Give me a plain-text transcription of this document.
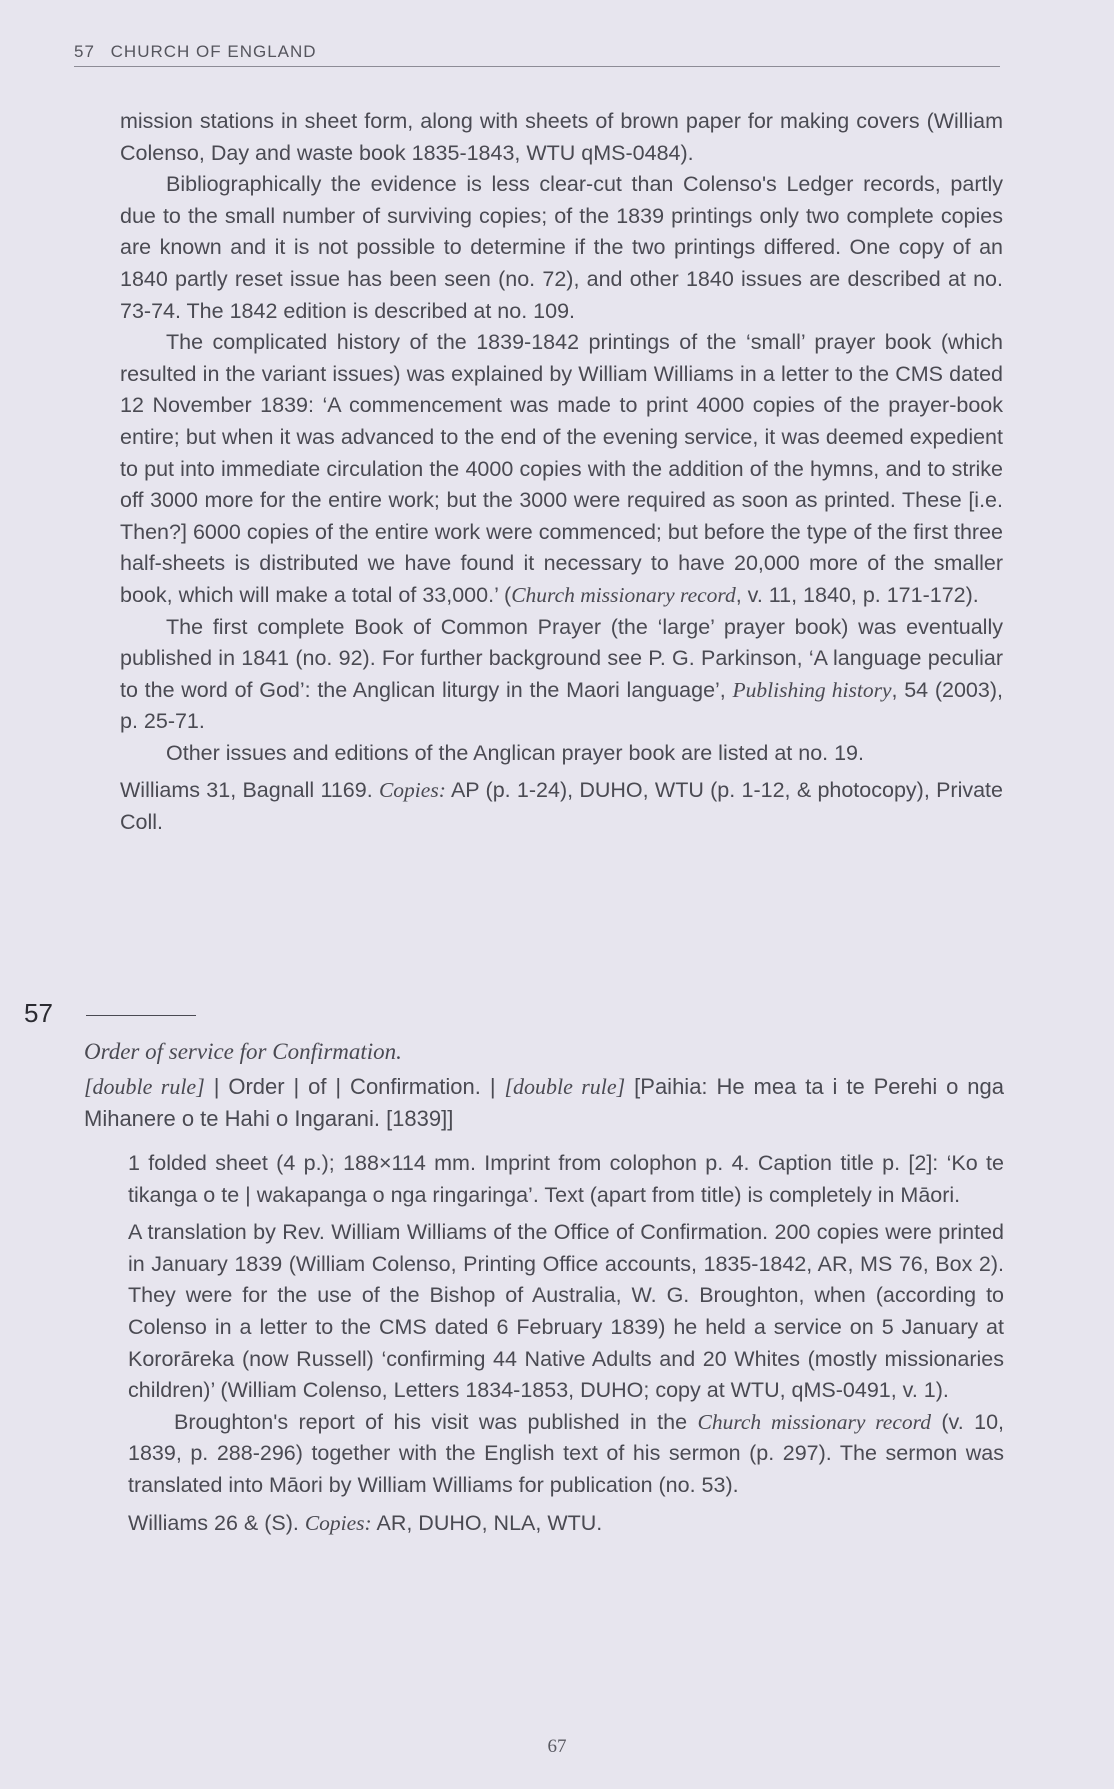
57 CHURCH OF ENGLAND

mission stations in sheet form, along with sheets of brown paper for making covers (William Colenso, Day and waste book 1835-1843, WTU qMS-0484).

Bibliographically the evidence is less clear-cut than Colenso's Ledger records, partly due to the small number of surviving copies; of the 1839 printings only two complete copies are known and it is not possible to determine if the two printings differed. One copy of an 1840 partly reset issue has been seen (no. 72), and other 1840 issues are described at no. 73-74. The 1842 edition is described at no. 109.

The complicated history of the 1839-1842 printings of the ‘small’ prayer book (which resulted in the variant issues) was explained by William Williams in a letter to the CMS dated 12 November 1839: ‘A commencement was made to print 4000 copies of the prayer-book entire; but when it was advanced to the end of the evening service, it was deemed expedient to put into immediate circulation the 4000 copies with the addition of the hymns, and to strike off 3000 more for the entire work; but the 3000 were required as soon as printed. These [i.e. Then?] 6000 copies of the entire work were commenced; but before the type of the first three half-sheets is distributed we have found it necessary to have 20,000 more of the smaller book, which will make a total of 33,000.’ (Church missionary record, v. 11, 1840, p. 171-172).

The first complete Book of Common Prayer (the ‘large’ prayer book) was eventually published in 1841 (no. 92). For further background see P. G. Parkinson, ‘A language peculiar to the word of God’: the Anglican liturgy in the Maori language’, Publishing history, 54 (2003), p. 25-71.

Other issues and editions of the Anglican prayer book are listed at no. 19.

Williams 31, Bagnall 1169. Copies: AP (p. 1-24), DUHO, WTU (p. 1-12, & photocopy), Private Coll.

57
Order of service for Confirmation.
[double rule] | Order | of | Confirmation. | [double rule] [Paihia: He mea ta i te Perehi o nga Mihanere o te Hahi o Ingarani. [1839]]

1 folded sheet (4 p.); 188×114 mm. Imprint from colophon p. 4. Caption title p. [2]: ‘Ko te tikanga o te | wakapanga o nga ringaringa’. Text (apart from title) is completely in Māori.

A translation by Rev. William Williams of the Office of Confirmation. 200 copies were printed in January 1839 (William Colenso, Printing Office accounts, 1835-1842, AR, MS 76, Box 2). They were for the use of the Bishop of Australia, W. G. Broughton, when (according to Colenso in a letter to the CMS dated 6 February 1839) he held a service on 5 January at Kororāreka (now Russell) ‘confirming 44 Native Adults and 20 Whites (mostly missionaries children)’ (William Colenso, Letters 1834-1853, DUHO; copy at WTU, qMS-0491, v. 1).

Broughton's report of his visit was published in the Church missionary record (v. 10, 1839, p. 288-296) together with the English text of his sermon (p. 297). The sermon was translated into Māori by William Williams for publication (no. 53).

Williams 26 & (S). Copies: AR, DUHO, NLA, WTU.

67
